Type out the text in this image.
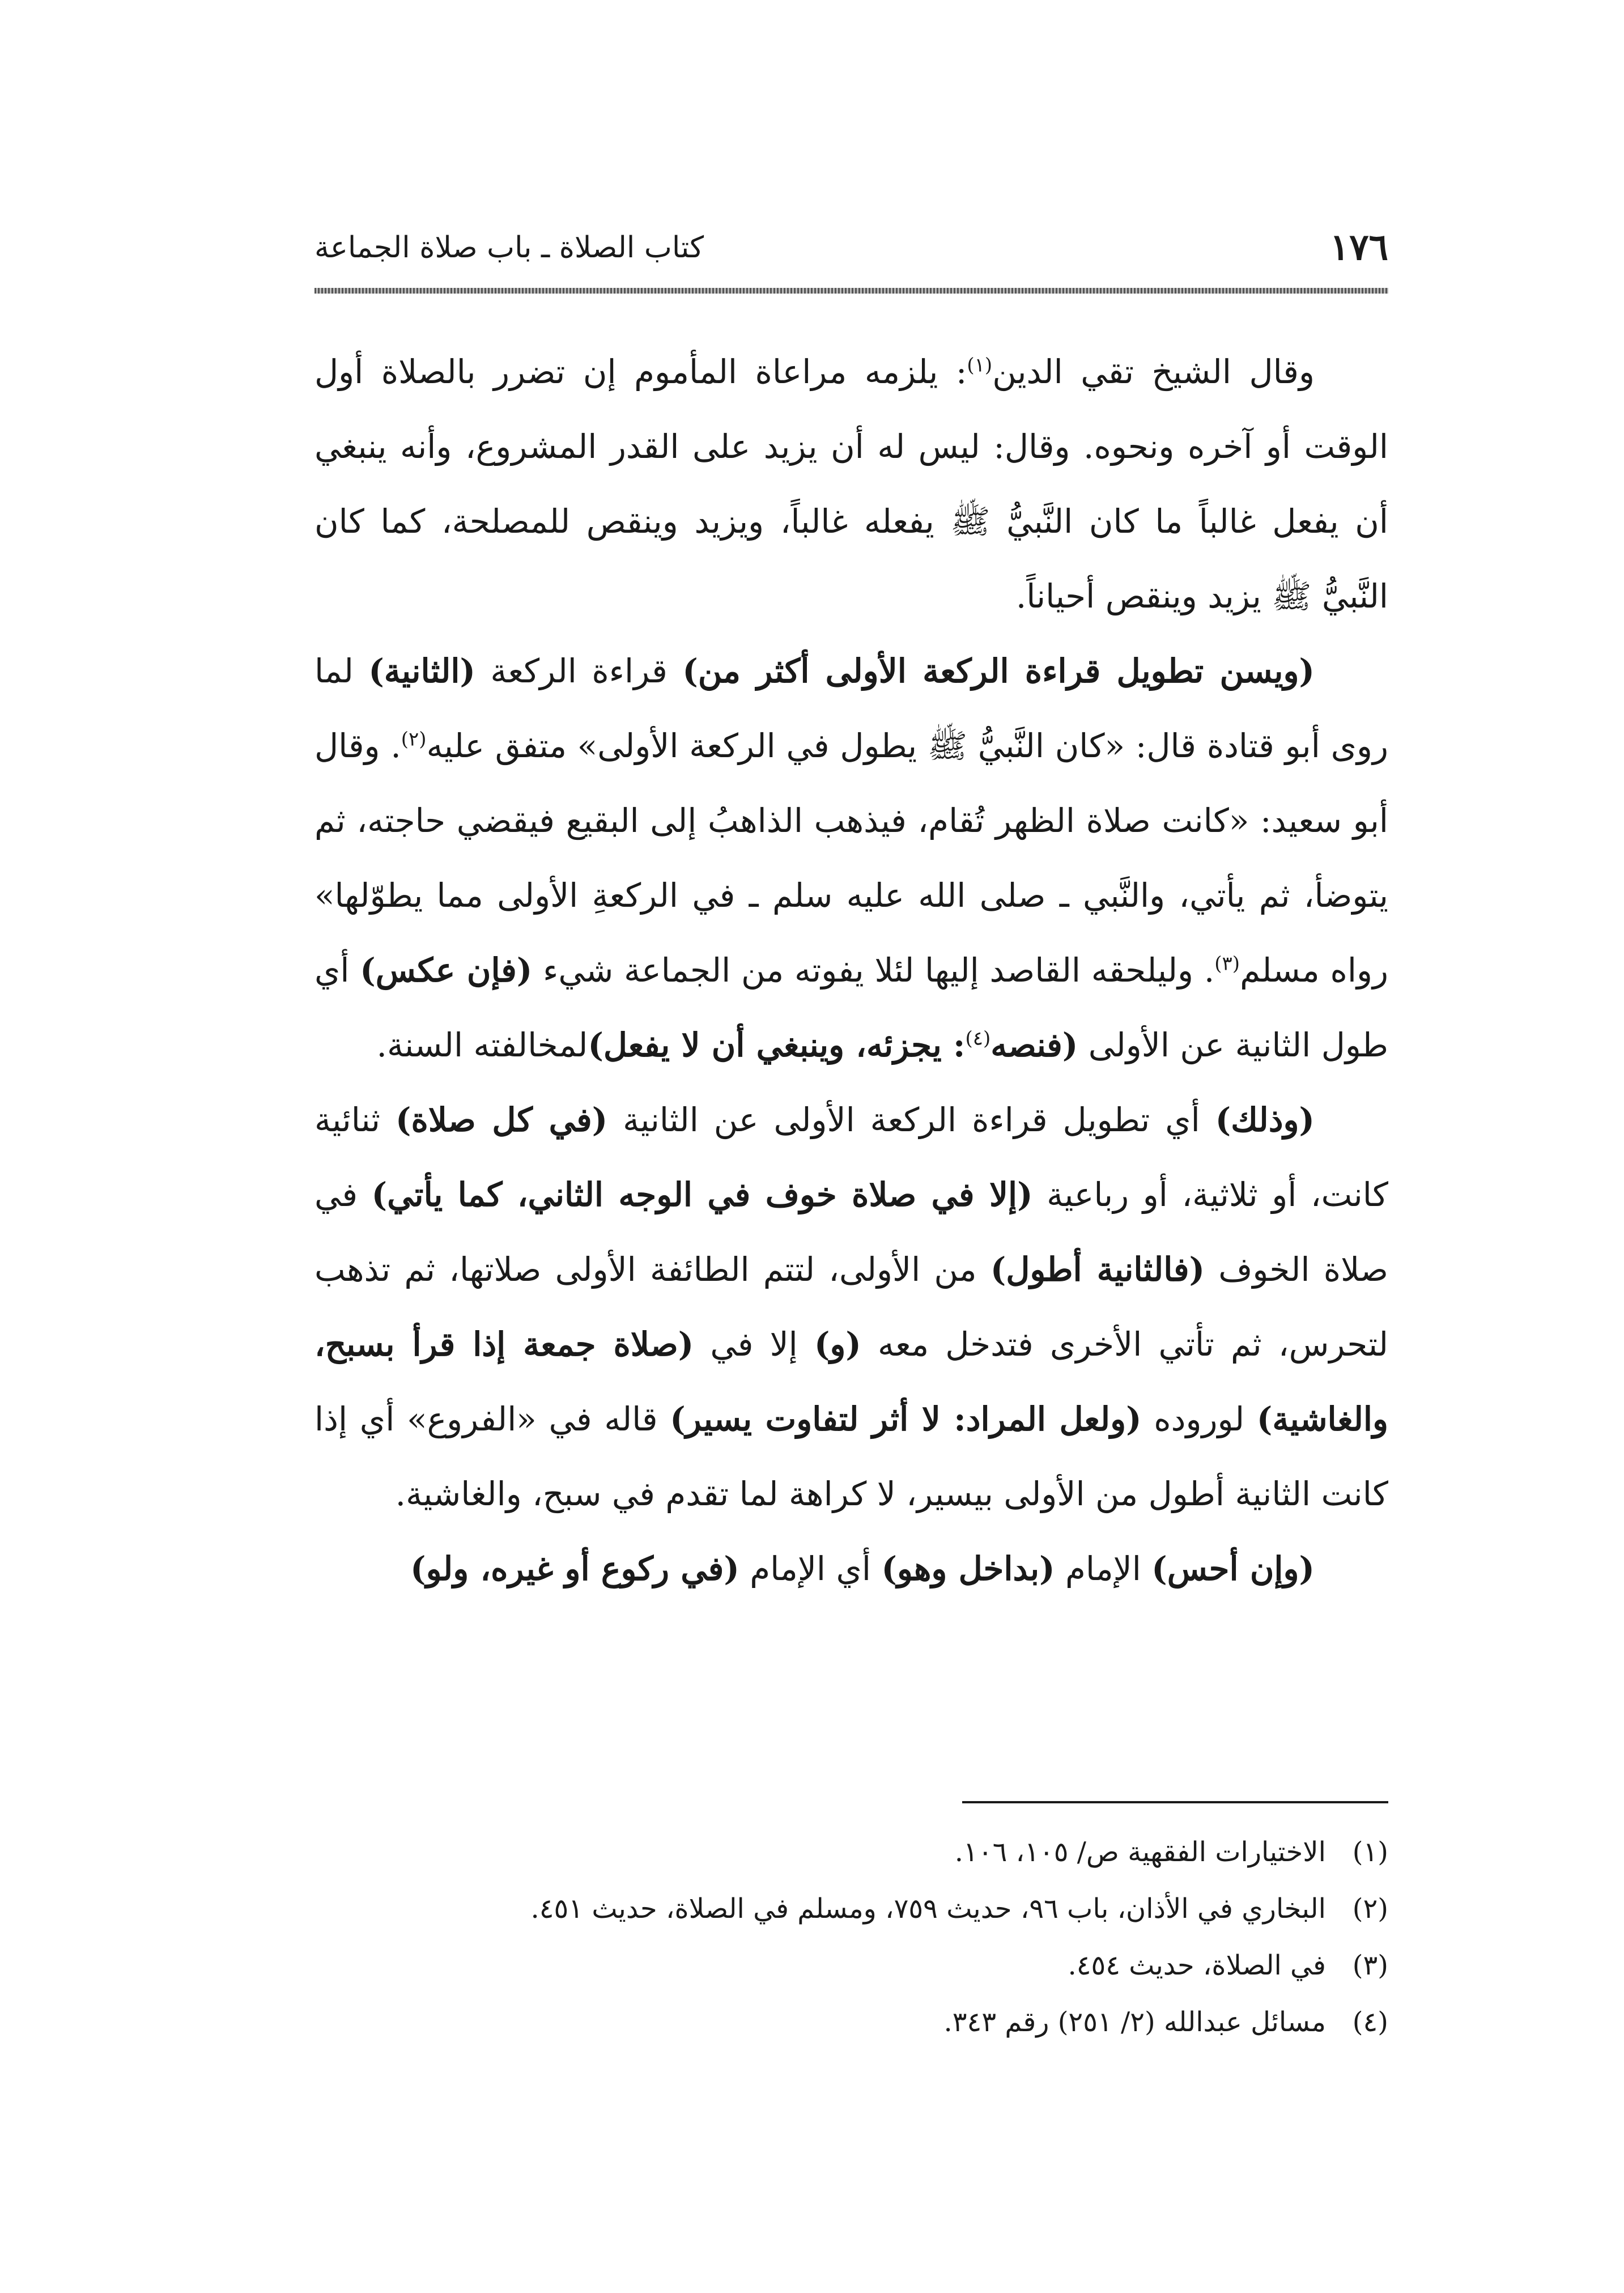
١٧٦
كتاب الصلاة ـ باب صلاة الجماعة

وقال الشيخ تقي الدين$^{(١)}$: يلزمه مراعاة المأموم إن تضرر بالصلاة أول الوقت أو آخره ونحوه. وقال: ليس له أن يزيد على القدر المشروع، وأنه ينبغي أن يفعل غالباً ما كان النَّبيُّ ﷺ يفعله غالباً، ويزيد وينقص للمصلحة، كما كان النَّبيُّ ﷺ يزيد وينقص أحياناً.

(ويسن تطويل قراءة الركعة الأولى أكثر من) قراءة الركعة (الثانية) لما روى أبو قتادة قال: «كان النَّبيُّ ﷺ يطول في الركعة الأولى» متفق عليه$^{(٢)}$. وقال أبو سعيد: «كانت صلاة الظهر تُقام، فيذهب الذاهبُ إلى البقيع فيقضي حاجته، ثم يتوضأ، ثم يأتي، والنَّبي ـ صلى الله عليه سلم ـ في الركعةِ الأولى مما يطوّلها» رواه مسلم$^{(٣)}$. وليلحقه القاصد إليها لئلا يفوته من الجماعة شيء (فإن عكس) أي طول الثانية عن الأولى (فنصه$^{(٤)}$: يجزئه، وينبغي أن لا يفعل)لمخالفته السنة.

(وذلك) أي تطويل قراءة الركعة الأولى عن الثانية (في كل صلاة) ثنائية كانت، أو ثلاثية، أو رباعية (إلا في صلاة خوف في الوجه الثاني، كما يأتي) في صلاة الخوف (فالثانية أطول) من الأولى، لتتم الطائفة الأولى صلاتها، ثم تذهب لتحرس، ثم تأتي الأخرى فتدخل معه (و) إلا في (صلاة جمعة إذا قرأ بسبح، والغاشية) لوروده (ولعل المراد: لا أثر لتفاوت يسير) قاله في «الفروع» أي إذا كانت الثانية أطول من الأولى بيسير، لا كراهة لما تقدم في سبح، والغاشية.

(وإن أحس) الإمام (بداخل وهو) أي الإمام (في ركوع أو غيره، ولو)

(١)
الاختيارات الفقهية ص/ ١٠٥، ١٠٦.
(٢)
البخاري في الأذان، باب ٩٦، حديث ٧٥٩، ومسلم في الصلاة، حديث ٤٥١.
(٣)
في الصلاة، حديث ٤٥٤.
(٤)
مسائل عبدالله (٢/ ٢٥١) رقم ٣٤٣.
